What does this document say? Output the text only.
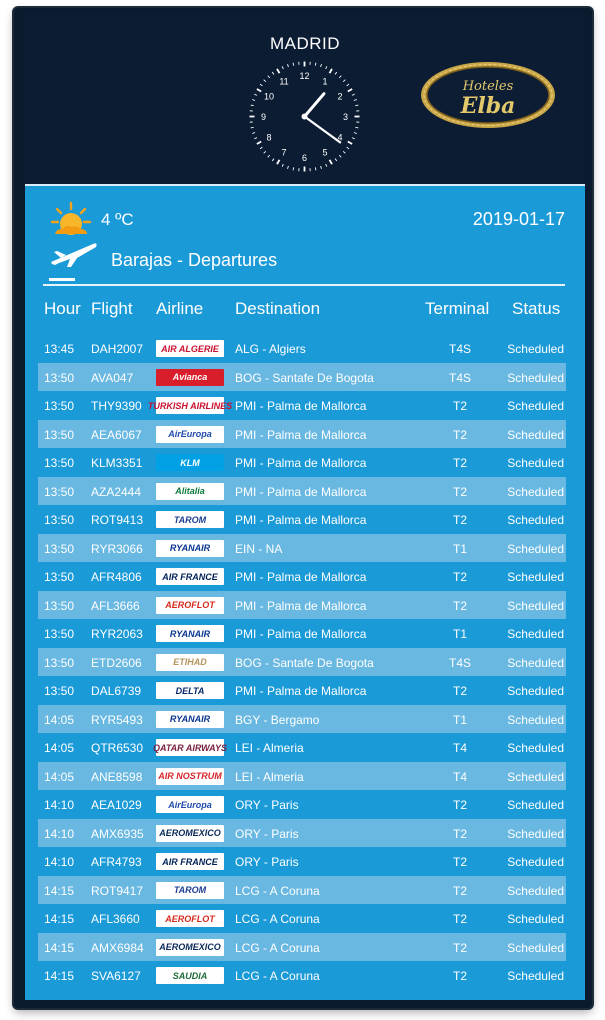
MADRID
12
1
2
3
4
5
6
7
8
9
10
11	Hoteles
Elba
4 ºC	2019-01-17
Barajas - Departures
Hour Flight Airline Destination	Terminal Status
13:45 DAH2007	ALG - Algiers	T4S	Scheduled
AIR ALGERIE
13:50 AVA047	BOG - Santafe De Bogota	T4S	Scheduled
Avianca
13:50 THY9390	PMI - Palma de Mallorca	T2	Scheduled
TURKISH AIRLINES
13:50 AEA6067	PMI - Palma de Mallorca	T2	Scheduled
AirEuropa
13:50 KLM3351	PMI - Palma de Mallorca	T2	Scheduled
KLM
13:50 AZA2444	PMI - Palma de Mallorca	T2	Scheduled
Alitalia
13:50 ROT9413	PMI - Palma de Mallorca	T2	Scheduled
TAROM
13:50 RYR3066	EIN - NA	T1	Scheduled
RYANAIR
13:50 AFR4806	PMI - Palma de Mallorca	T2	Scheduled
AIR FRANCE
13:50 AFL3666	PMI - Palma de Mallorca	T2	Scheduled
AEROFLOT
13:50 RYR2063	PMI - Palma de Mallorca	T1	Scheduled
RYANAIR
13:50 ETD2606	BOG - Santafe De Bogota	T4S	Scheduled
ETIHAD
13:50 DAL6739	PMI - Palma de Mallorca	T2	Scheduled
DELTA
14:05 RYR5493	BGY - Bergamo	T1	Scheduled
RYANAIR
14:05 QTR6530	LEI - Almeria	T4	Scheduled
QATAR AIRWAYS
14:05 ANE8598	LEI - Almeria	T4	Scheduled
AIR NOSTRUM
14:10 AEA1029	ORY - Paris	T2	Scheduled
AirEuropa
14:10 AMX6935	ORY - Paris	T2	Scheduled
AEROMEXICO
14:10 AFR4793	ORY - Paris	T2	Scheduled
AIR FRANCE
14:15 ROT9417	LCG - A Coruna	T2	Scheduled
TAROM
14:15 AFL3660	LCG - A Coruna	T2	Scheduled
AEROFLOT
14:15 AMX6984	LCG - A Coruna	T2	Scheduled
AEROMEXICO
14:15 SVA6127	LCG - A Coruna	T2	Scheduled
SAUDIA
